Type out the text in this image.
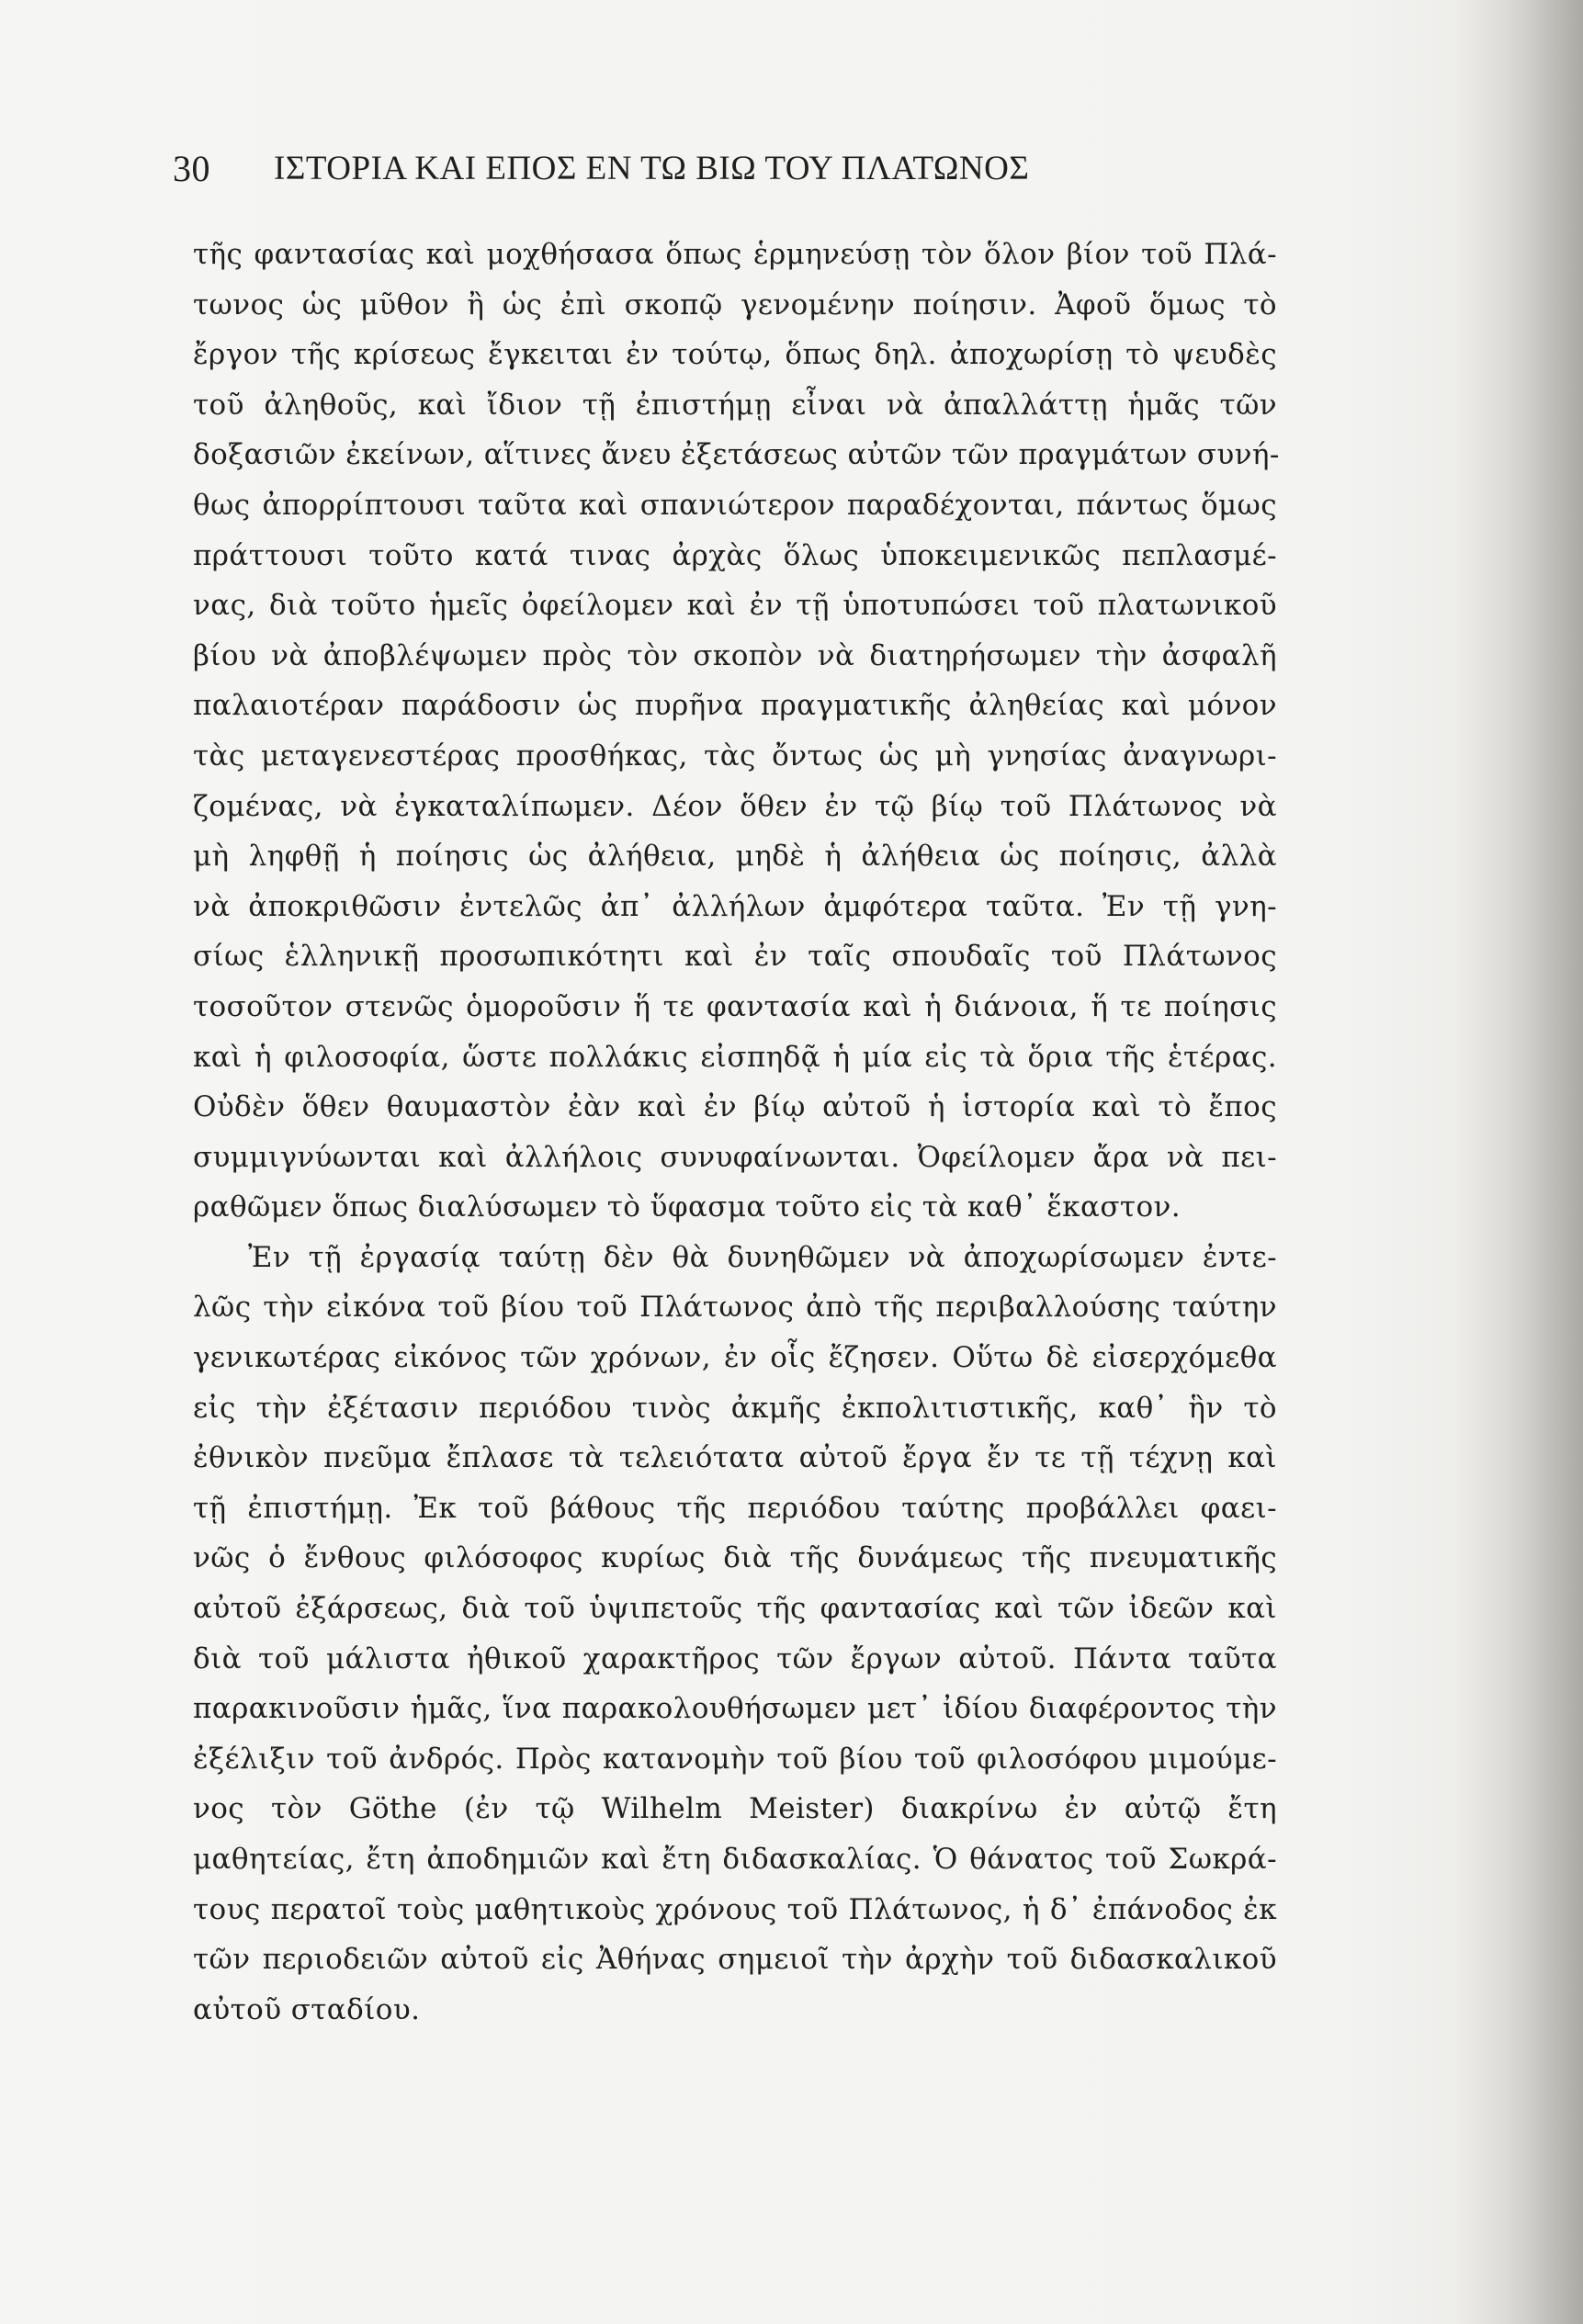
30 ΙΣΤΟΡΙΑ ΚΑΙ ΕΠΟΣ ΕΝ ΤΩ ΒΙΩ ΤΟΥ ΠΛΑΤΩΝΟΣ
τῆς φαντασίας καὶ μοχθήσασα ὅπως ἑρμηνεύσῃ τὸν ὅλον βίον τοῦ Πλά-
τωνος ὡς μῦθον ἢ ὡς ἐπὶ σκοπῷ γενομένην ποίησιν. Ἀφοῦ ὅμως τὸ
ἔργον τῆς κρίσεως ἔγκειται ἐν τούτῳ, ὅπως δηλ. ἀποχωρίσῃ τὸ ψευδὲς
τοῦ ἀληθοῦς, καὶ ἴδιον τῇ ἐπιστήμῃ εἶναι νὰ ἀπαλλάττῃ ἡμᾶς τῶν
δοξασιῶν ἐκείνων, αἵτινες ἄνευ ἐξετάσεως αὐτῶν τῶν πραγμάτων συνή-
θως ἀπορρίπτουσι ταῦτα καὶ σπανιώτερον παραδέχονται, πάντως ὅμως
πράττουσι τοῦτο κατά τινας ἀρχὰς ὅλως ὑποκειμενικῶς πεπλασμέ-
νας, διὰ τοῦτο ἡμεῖς ὀφείλομεν καὶ ἐν τῇ ὑποτυπώσει τοῦ πλατωνικοῦ
βίου νὰ ἀποβλέψωμεν πρὸς τὸν σκοπὸν νὰ διατηρήσωμεν τὴν ἀσφαλῆ
παλαιοτέραν παράδοσιν ὡς πυρῆνα πραγματικῆς ἀληθείας καὶ μόνον
τὰς μεταγενεστέρας προσθήκας, τὰς ὄντως ὡς μὴ γνησίας ἀναγνωρι-
ζομένας, νὰ ἐγκαταλίπωμεν. Δέον ὅθεν ἐν τῷ βίῳ τοῦ Πλάτωνος νὰ
μὴ ληφθῇ ἡ ποίησις ὡς ἀλήθεια, μηδὲ ἡ ἀλήθεια ὡς ποίησις, ἀλλὰ
νὰ ἀποκριθῶσιν ἐντελῶς ἀπ᾽ ἀλλήλων ἀμφότερα ταῦτα. Ἐν τῇ γνη-
σίως ἑλληνικῇ προσωπικότητι καὶ ἐν ταῖς σπουδαῖς τοῦ Πλάτωνος
τοσοῦτον στενῶς ὁμοροῦσιν ἥ τε φαντασία καὶ ἡ διάνοια, ἥ τε ποίησις
καὶ ἡ φιλοσοφία, ὥστε πολλάκις εἰσπηδᾷ ἡ μία εἰς τὰ ὅρια τῆς ἑτέρας.
Οὐδὲν ὅθεν θαυμαστὸν ἐὰν καὶ ἐν βίῳ αὐτοῦ ἡ ἱστορία καὶ τὸ ἔπος
συμμιγνύωνται καὶ ἀλλήλοις συνυφαίνωνται. Ὀφείλομεν ἄρα νὰ πει-
ραθῶμεν ὅπως διαλύσωμεν τὸ ὕφασμα τοῦτο εἰς τὰ καθ᾽ ἕκαστον.
Ἐν τῇ ἐργασίᾳ ταύτῃ δὲν θὰ δυνηθῶμεν νὰ ἀποχωρίσωμεν ἐντε-
λῶς τὴν εἰκόνα τοῦ βίου τοῦ Πλάτωνος ἀπὸ τῆς περιβαλλούσης ταύτην
γενικωτέρας εἰκόνος τῶν χρόνων, ἐν οἷς ἔζησεν. Οὕτω δὲ εἰσερχόμεθα
εἰς τὴν ἐξέτασιν περιόδου τινὸς ἀκμῆς ἐκπολιτιστικῆς, καθ᾽ ἣν τὸ
ἐθνικὸν πνεῦμα ἔπλασε τὰ τελειότατα αὐτοῦ ἔργα ἔν τε τῇ τέχνῃ καὶ
τῇ ἐπιστήμῃ. Ἐκ τοῦ βάθους τῆς περιόδου ταύτης προβάλλει φαει-
νῶς ὁ ἔνθους φιλόσοφος κυρίως διὰ τῆς δυνάμεως τῆς πνευματικῆς
αὐτοῦ ἐξάρσεως, διὰ τοῦ ὑψιπετοῦς τῆς φαντασίας καὶ τῶν ἰδεῶν καὶ
διὰ τοῦ μάλιστα ἠθικοῦ χαρακτῆρος τῶν ἔργων αὐτοῦ. Πάντα ταῦτα
παρακινοῦσιν ἡμᾶς, ἵνα παρακολουθήσωμεν μετ᾽ ἰδίου διαφέροντος τὴν
ἐξέλιξιν τοῦ ἀνδρός. Πρὸς κατανομὴν τοῦ βίου τοῦ φιλοσόφου μιμούμε-
νος τὸν Göthe (ἐν τῷ Wilhelm Meister) διακρίνω ἐν αὐτῷ ἔτη
μαθητείας, ἔτη ἀποδημιῶν καὶ ἔτη διδασκαλίας. Ὁ θάνατος τοῦ Σωκρά-
τους περατοῖ τοὺς μαθητικοὺς χρόνους τοῦ Πλάτωνος, ἡ δ᾽ ἐπάνοδος ἐκ
τῶν περιοδειῶν αὐτοῦ εἰς Ἀθήνας σημειοῖ τὴν ἀρχὴν τοῦ διδασκαλικοῦ
αὐτοῦ σταδίου.
